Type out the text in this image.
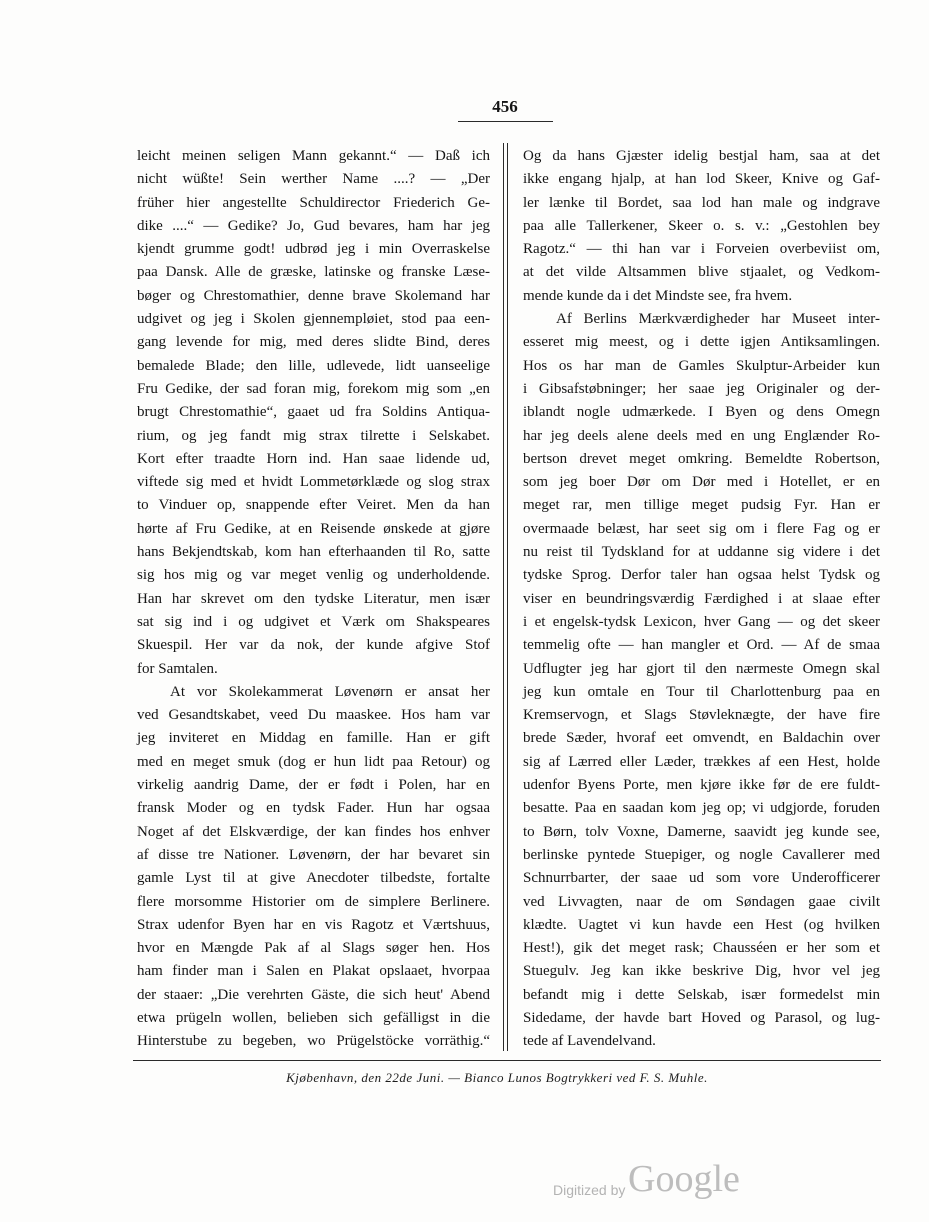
456
leicht meinen seligen Mann gekannt.“ — Daß ich
nicht wüßte! Sein werther Name ....? — „Der
früher hier angestellte Schuldirector Friederich Ge-
dike ....“ — Gedike? Jo, Gud bevares, ham har jeg
kjendt grumme godt! udbrød jeg i min Overraskelse
paa Dansk. Alle de græske, latinske og franske Læse-
bøger og Chrestomathier, denne brave Skolemand har
udgivet og jeg i Skolen gjennempløiet, stod paa een-
gang levende for mig, med deres slidte Bind, deres
bemalede Blade; den lille, udlevede, lidt uanseelige
Fru Gedike, der sad foran mig, forekom mig som „en
brugt Chrestomathie“, gaaet ud fra Soldins Antiqua-
rium, og jeg fandt mig strax tilrette i Selskabet.
Kort efter traadte Horn ind. Han saae lidende ud,
viftede sig med et hvidt Lommetørklæde og slog strax
to Vinduer op, snappende efter Veiret. Men da han
hørte af Fru Gedike, at en Reisende ønskede at gjøre
hans Bekjendtskab, kom han efterhaanden til Ro, satte
sig hos mig og var meget venlig og underholdende.
Han har skrevet om den tydske Literatur, men især
sat sig ind i og udgivet et Værk om Shakspeares
Skuespil. Her var da nok, der kunde afgive Stof
for Samtalen.
At vor Skolekammerat Løvenørn er ansat her
ved Gesandtskabet, veed Du maaskee. Hos ham var
jeg inviteret en Middag en famille. Han er gift
med en meget smuk (dog er hun lidt paa Retour) og
virkelig aandrig Dame, der er født i Polen, har en
fransk Moder og en tydsk Fader. Hun har ogsaa
Noget af det Elskværdige, der kan findes hos enhver
af disse tre Nationer. Løvenørn, der har bevaret sin
gamle Lyst til at give Anecdoter tilbedste, fortalte
flere morsomme Historier om de simplere Berlinere.
Strax udenfor Byen har en vis Ragotz et Værtshuus,
hvor en Mængde Pak af al Slags søger hen. Hos
ham finder man i Salen en Plakat opslaaet, hvorpaa
der staaer: „Die verehrten Gäste, die sich heut' Abend
etwa prügeln wollen, belieben sich gefälligst in die
Hinterstube zu begeben, wo Prügelstöcke vorräthig.“
Og da hans Gjæster idelig bestjal ham, saa at det
ikke engang hjalp, at han lod Skeer, Knive og Gaf-
ler lænke til Bordet, saa lod han male og indgrave
paa alle Tallerkener, Skeer o. s. v.: „Gestohlen bey
Ragotz.“ — thi han var i Forveien overbeviist om,
at det vilde Altsammen blive stjaalet, og Vedkom-
mende kunde da i det Mindste see, fra hvem.
Af Berlins Mærkværdigheder har Museet inter-
esseret mig meest, og i dette igjen Antiksamlingen.
Hos os har man de Gamles Skulptur-Arbeider kun
i Gibsafstøbninger; her saae jeg Originaler og der-
iblandt nogle udmærkede. I Byen og dens Omegn
har jeg deels alene deels med en ung Englænder Ro-
bertson drevet meget omkring. Bemeldte Robertson,
som jeg boer Dør om Dør med i Hotellet, er en
meget rar, men tillige meget pudsig Fyr. Han er
overmaade belæst, har seet sig om i flere Fag og er
nu reist til Tydskland for at uddanne sig videre i det
tydske Sprog. Derfor taler han ogsaa helst Tydsk og
viser en beundringsværdig Færdighed i at slaae efter
i et engelsk-tydsk Lexicon, hver Gang — og det skeer
temmelig ofte — han mangler et Ord. — Af de smaa
Udflugter jeg har gjort til den nærmeste Omegn skal
jeg kun omtale en Tour til Charlottenburg paa en
Kremservogn, et Slags Støvleknægte, der have fire
brede Sæder, hvoraf eet omvendt, en Baldachin over
sig af Lærred eller Læder, trækkes af een Hest, holde
udenfor Byens Porte, men kjøre ikke før de ere fuldt-
besatte. Paa en saadan kom jeg op; vi udgjorde, foruden
to Børn, tolv Voxne, Damerne, saavidt jeg kunde see,
berlinske pyntede Stuepiger, og nogle Cavallerer med
Schnurrbarter, der saae ud som vore Underofficerer
ved Livvagten, naar de om Søndagen gaae civilt
klædte. Uagtet vi kun havde een Hest (og hvilken
Hest!), gik det meget rask; Chausséen er her som et
Stuegulv. Jeg kan ikke beskrive Dig, hvor vel jeg
befandt mig i dette Selskab, især formedelst min
Sidedame, der havde bart Hoved og Parasol, og lug-
tede af Lavendelvand.
Kjøbenhavn, den 22de Juni. — Bianco Lunos Bogtrykkeri ved F. S. Muhle.
Digitized by Google
